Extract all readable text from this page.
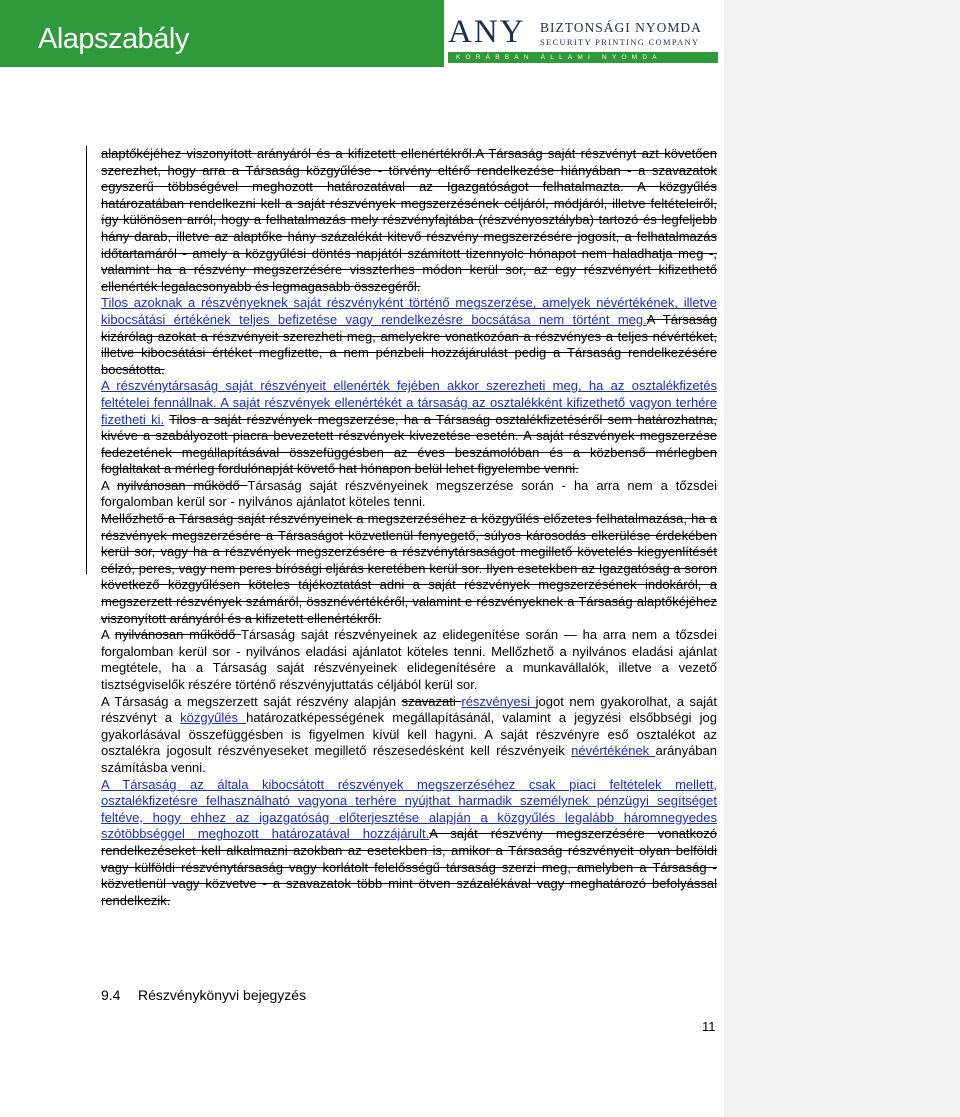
Alapszabály	ANY BIZTONSÁGI NYOMDA
SECURITY PRINTING COMPANY
KORÁBBAN ÁLLAMI NYOMDA

alaptőkéjéhez viszonyított arányáról és a kifizetett ellenértékről.A Társaság saját részvényt azt követően szerezhet, hogy arra a Társaság közgyűlése - törvény eltérő rendelkezése hiányában - a szavazatok egyszerű többségével meghozott határozatával az Igazgatóságot felhatalmazta. A közgyűlés határozatában rendelkezni kell a saját részvények megszerzésének céljáról, módjáról, illetve feltételeiről, így különösen arról, hogy a felhatalmazás mely részvényfajtába (részvényosztályba) tartozó és legfeljebb hány darab, illetve az alaptőke hány százalékát kitevő részvény megszerzésére jogosít, a felhatalmazás időtartamáról - amely a közgyűlési döntés napjától számított tizennyolc hónapot nem haladhatja meg -, valamint ha a részvény megszerzésére visszterhes módon kerül sor, az egy részvényért kifizethető ellenérték legalacsonyabb és legmagasabb összegéről.

Tilos azoknak a részvényeknek saját részvényként történő megszerzése, amelyek névértékének, illetve kibocsátási értékének teljes befizetése vagy rendelkezésre bocsátása nem történt meg.A Társaság kizárólag azokat a részvényeit szerezheti meg, amelyekre vonatkozóan a részvényes a teljes névértéket, illetve kibocsátási értéket megfizette, a nem pénzbeli hozzájárulást pedig a Társaság rendelkezésére bocsátotta.

A részvénytársaság saját részvényeit ellenérték fejében akkor szerezheti meg, ha az osztalékfizetés feltételei fennállnak. A saját részvények ellenértékét a társaság az osztalékként kifizethető vagyon terhére fizetheti ki. Tilos a saját részvények megszerzése, ha a Társaság osztalékfizetéséről sem határozhatna, kivéve a szabályozott piacra bevezetett részvények kivezetése esetén. A saját részvények megszerzése fedezetének megállapításával összefüggésben az éves beszámolóban és a közbenső mérlegben foglaltakat a mérleg fordulónapját követő hat hónapon belül lehet figyelembe venni.

A nyilvánosan működő Társaság saját részvényeinek megszerzése során - ha arra nem a tőzsdei forgalomban kerül sor - nyilvános ajánlatot köteles tenni.

Mellőzhető a Társaság saját részvényeinek a megszerzéséhez a közgyűlés előzetes felhatalmazása, ha a részvények megszerzésére a Társaságot közvetlenül fenyegető, súlyos károsodás elkerülése érdekében kerül sor, vagy ha a részvények megszerzésére a részvénytársaságot megillető követelés kiegyenlítését célzó, peres, vagy nem peres bírósági eljárás keretében kerül sor. Ilyen esetekben az Igazgatóság a soron következő közgyűlésen köteles tájékoztatást adni a saját részvények megszerzésének indokáról, a megszerzett részvények számáról, össznévértékéről, valamint e részvényeknek a Társaság alaptőkéjéhez viszonyított arányáról és a kifizetett ellenértékről.

A nyilvánosan működő Társaság saját részvényeinek az elidegenítése során — ha arra nem a tőzsdei forgalomban kerül sor - nyilvános eladási ajánlatot köteles tenni. Mellőzhető a nyilvános eladási ajánlat megtétele, ha a Társaság saját részvényeinek elidegenítésére a munkavállalók, illetve a vezető tisztségviselők részére történő részvényjuttatás céljából kerül sor.

A Társaság a megszerzett saját részvény alapján szavazati részvényesi jogot nem gyakorolhat, a saját részvényt a közgyűlés határozatképességének megállapításánál, valamint a jegyzési elsőbbségi jog gyakorlásával összefüggésben is figyelmen kívül kell hagyni. A saját részvényre eső osztalékot az osztalékra jogosult részvényeseket megillető részesedésként kell részvényeik névértékének arányában számításba venni.

A Társaság az általa kibocsátott részvények megszerzéséhez csak piaci feltételek mellett, osztalékfizetésre felhasználható vagyona terhére nyújthat harmadik személynek pénzügyi segítséget feltéve, hogy ehhez az igazgatóság előterjesztése alapján a közgyűlés legalább háromnegyedes szótöbbséggel meghozott határozatával hozzájárult.A saját részvény megszerzésére vonatkozó rendelkezéseket kell alkalmazni azokban az esetekben is, amikor a Társaság részvényeit olyan belföldi vagy külföldi részvénytársaság vagy korlátolt felelősségű társaság szerzi meg, amelyben a Társaság - közvetlenül vagy közvetve - a szavazatok több mint ötven százalékával vagy meghatározó befolyással rendelkezik.

9.4 Részvénykönyvi bejegyzés
11
